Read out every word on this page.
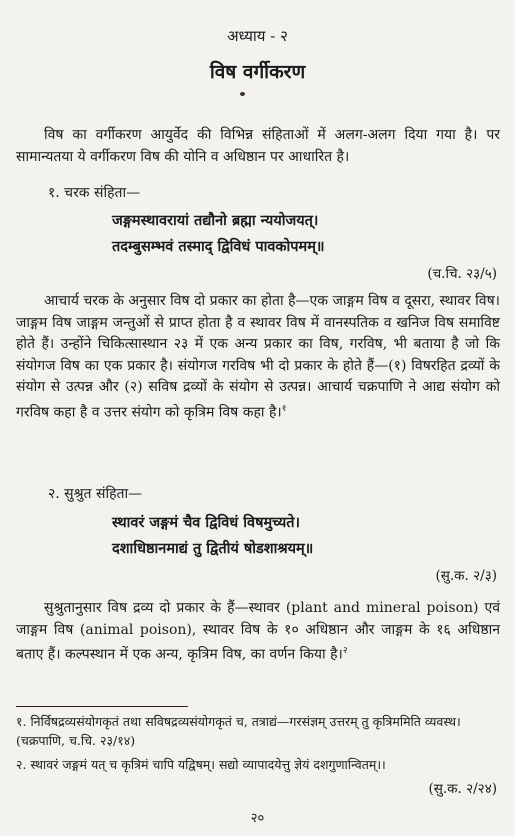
अध्याय - २
विष वर्गीकरण

विष का वर्गीकरण आयुर्वेद की विभिन्न संहिताओं में अलग-अलग दिया गया है। पर सामान्यतया ये वर्गीकरण विष की योनि व अधिष्ठान पर आधारित है।

१. चरक संहिता—

जङ्गमस्थावरायां तद्यौनो ब्रह्मा न्ययोजयत्।
तदम्बुसम्भवं तस्माद् द्विविधं पावकोपमम्॥

(च.चि. २३/५)

आचार्य चरक के अनुसार विष दो प्रकार का होता है—एक जाङ्गम विष व दूसरा, स्थावर विष। जाङ्गम विष जाङ्गम जन्तुओं से प्राप्त होता है व स्थावर विष में वानस्पतिक व खनिज विष समाविष्ट होते हैं। उन्होंने चिकित्सास्थान २३ में एक अन्य प्रकार का विष, गरविष, भी बताया है जो कि संयोगज विष का एक प्रकार है। संयोगज गरविष भी दो प्रकार के होते हैं—(१) विषरहित द्रव्यों के संयोग से उत्पन्न और (२) सविष द्रव्यों के संयोग से उत्पन्न। आचार्य चक्रपाणि ने आद्य संयोग को गरविष कहा है व उत्तर संयोग को कृत्रिम विष कहा है।$^१$

२. सुश्रुत संहिता—

स्थावरं जङ्गमं चैव द्विविधं विषमुच्यते।
दशाधिष्ठानमाद्यं तु द्वितीयं षोडशाश्रयम्॥

(सु.क. २/३)

सुश्रुतानुसार विष द्रव्य दो प्रकार के हैं—स्थावर (plant and mineral poison) एवं जाङ्गम विष (animal poison), स्थावर विष के १० अधिष्ठान और जाङ्गम के १६ अधिष्ठान बताए हैं। कल्पस्थान में एक अन्य, कृत्रिम विष, का वर्णन किया है।$^२$

१. निर्विषद्रव्यसंयोगकृतं तथा सविषद्रव्यसंयोगकृतं च, तत्राद्यं—गरसंज्ञम् उत्तरम् तु कृत्रिममिति व्यवस्थ। (चक्रपाणि, च.चि. २३/१४)

२. स्थावरं जङ्गमं यत् च कृत्रिमं चापि यद्विषम्। सद्यो व्यापादयेत्तु ज्ञेयं दशगुणान्वितम्।।

(सु.क. २/२४)

२०
